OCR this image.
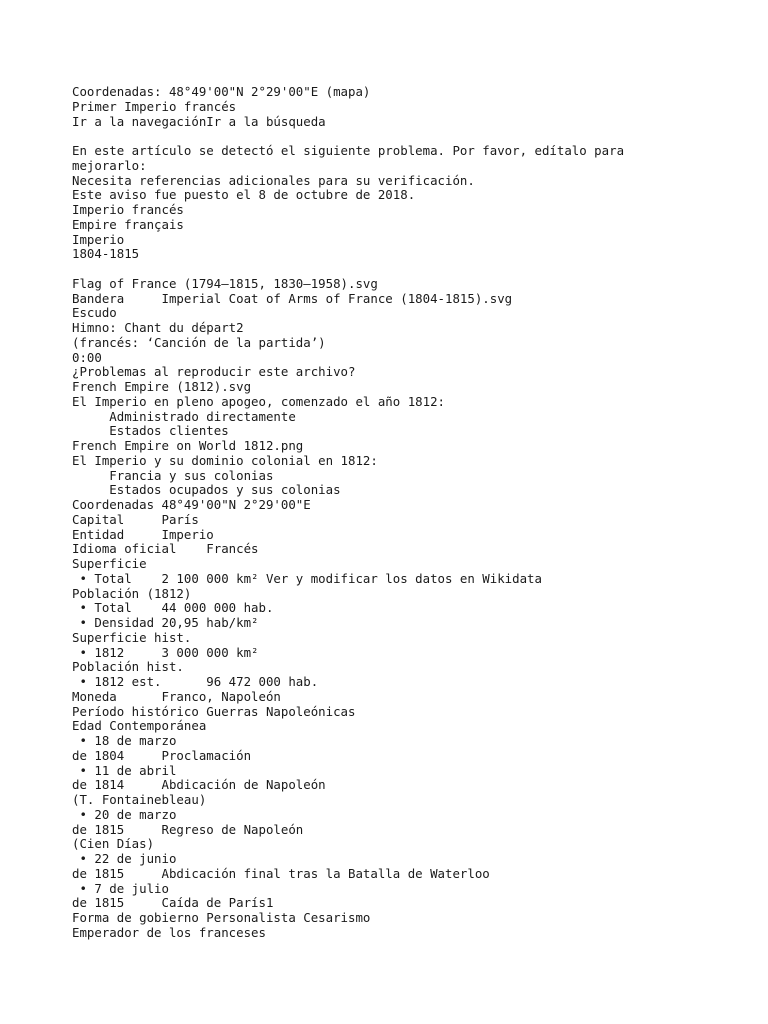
Coordenadas: 48°49'00"N 2°29'00"E (mapa)
Primer Imperio francés
Ir a la navegaciónIr a la búsqueda
En este artículo se detectó el siguiente problema. Por favor, edítalo para
mejorarlo:
Necesita referencias adicionales para su verificación.
Este aviso fue puesto el 8 de octubre de 2018.
Imperio francés
Empire français
Imperio
1804-1815
Flag of France (1794–1815, 1830–1958).svg
Bandera     Imperial Coat of Arms of France (1804-1815).svg
Escudo
Himno: Chant du départ2
(francés: ‘Canción de la partida’)
0:00
¿Problemas al reproducir este archivo?
French Empire (1812).svg
El Imperio en pleno apogeo, comenzado el año 1812:
Administrado directamente
Estados clientes
French Empire on World 1812.png
El Imperio y su dominio colonial en 1812:
Francia y sus colonias
Estados ocupados y sus colonias
Coordenadas 48°49'00"N 2°29'00"E
Capital     París
Entidad     Imperio
Idioma oficial    Francés
Superficie
• Total    2 100 000 km² Ver y modificar los datos en Wikidata
Población (1812)
• Total    44 000 000 hab.
• Densidad 20,95 hab/km²
Superficie hist.
• 1812     3 000 000 km²
Población hist.
• 1812 est.      96 472 000 hab.
Moneda      Franco, Napoleón
Período histórico Guerras Napoleónicas
Edad Contemporánea
• 18 de marzo
de 1804     Proclamación
• 11 de abril
de 1814     Abdicación de Napoleón
(T. Fontainebleau)
• 20 de marzo
de 1815     Regreso de Napoleón
(Cien Días)
• 22 de junio
de 1815     Abdicación final tras la Batalla de Waterloo
• 7 de julio
de 1815     Caída de París1
Forma de gobierno Personalista Cesarismo
Emperador de los franceses
